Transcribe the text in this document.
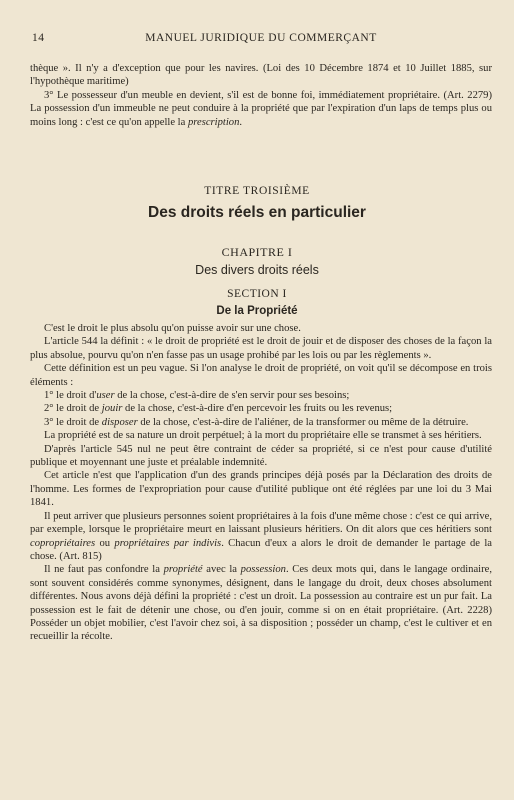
14	MANUEL JURIDIQUE DU COMMERÇANT

thèque ». Il n'y a d'exception que pour les navires. (Loi des 10 Décembre 1874 et 10 Juillet 1885, sur l'hypothèque maritime)

3° Le possesseur d'un meuble en devient, s'il est de bonne foi, immédiatement propriétaire. (Art. 2279) La possession d'un immeuble ne peut conduire à la propriété que par l'expiration d'un laps de temps plus ou moins long : c'est ce qu'on appelle la prescription.

TITRE TROISIÈME
Des droits réels en particulier
CHAPITRE I
Des divers droits réels
SECTION I
De la Propriété

C'est le droit le plus absolu qu'on puisse avoir sur une chose.

L'article 544 la définit : « le droit de propriété est le droit de jouir et de disposer des choses de la façon la plus absolue, pourvu qu'on n'en fasse pas un usage prohibé par les lois ou par les règlements ».

Cette définition est un peu vague. Si l'on analyse le droit de propriété, on voit qu'il se décompose en trois éléments :

1° le droit d'user de la chose, c'est-à-dire de s'en servir pour ses besoins;

2° le droit de jouir de la chose, c'est-à-dire d'en percevoir les fruits ou les revenus;

3° le droit de disposer de la chose, c'est-à-dire de l'aliéner, de la transformer ou même de la détruire.

La propriété est de sa nature un droit perpétuel; à la mort du propriétaire elle se transmet à ses héritiers.

D'après l'article 545 nul ne peut être contraint de céder sa propriété, si ce n'est pour cause d'utilité publique et moyennant une juste et préalable indemnité.

Cet article n'est que l'application d'un des grands principes déjà posés par la Déclaration des droits de l'homme. Les formes de l'expropriation pour cause d'utilité publique ont été réglées par une loi du 3 Mai 1841.

Il peut arriver que plusieurs personnes soient propriétaires à la fois d'une même chose : c'est ce qui arrive, par exemple, lorsque le propriétaire meurt en laissant plusieurs héritiers. On dit alors que ces héritiers sont copropriétaires ou propriétaires par indivis. Chacun d'eux a alors le droit de demander le partage de la chose. (Art. 815)

Il ne faut pas confondre la propriété avec la possession. Ces deux mots qui, dans le langage ordinaire, sont souvent considérés comme synonymes, désignent, dans le langage du droit, deux choses absolument différentes. Nous avons déjà défini la propriété : c'est un droit. La possession au contraire est un pur fait. La possession est le fait de détenir une chose, ou d'en jouir, comme si on en était propriétaire. (Art. 2228) Posséder un objet mobilier, c'est l'avoir chez soi, à sa disposition ; posséder un champ, c'est le cultiver et en recueillir la récolte.
